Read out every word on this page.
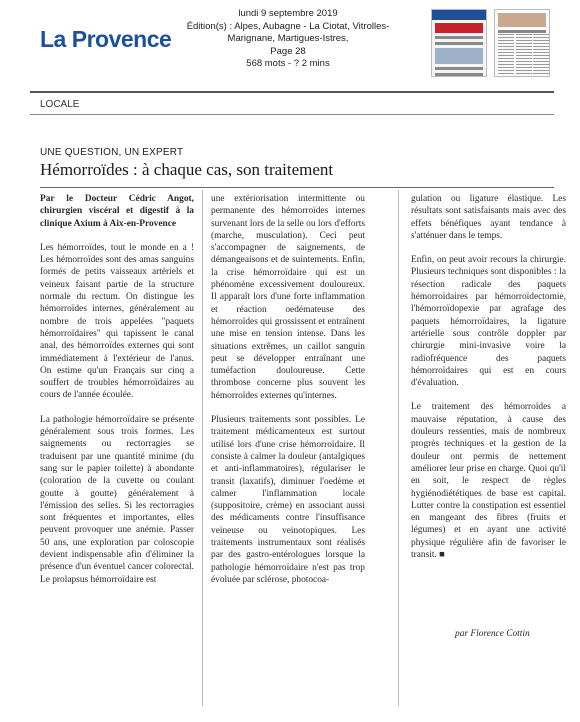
La Provence
lundi 9 septembre 2019
Édition(s) : Alpes, Aubagne - La Ciotat, Vitrolles-Marignane, Martigues-Istres,
Page 28
568 mots - ? 2 mins
LOCALE
UNE QUESTION, UN EXPERT
Hémorroïdes : à chaque cas, son traitement

Par le Docteur Cédric Angot, chirurgien viscéral et digestif à la clinique Axium à Aix-en-Provence

Les hémorroïdes, tout le monde en a ! Les hémorroïdes sont des amas sanguins formés de petits vaisseaux artériels et veineux faisant partie de la structure normale du rectum. On distingue les hémorroïdes internes, généralement au nombre de trois appelées "paquets hémorroïdaires" qui tapissent le canal anal, des hémorroïdes externes qui sont immédiatement à l'extérieur de l'anus. On estime qu'un Français sur cinq a souffert de troubles hémorroïdaires au cours de l'année écoulée.

La pathologie hémorroïdaire se présente généralement sous trois formes. Les saignements ou rectorragies se traduisent par une quantité minime (du sang sur le papier toilette) à abondante (coloration de la cuvette ou coulant goutte à goutte) généralement à l'émission des selles. Si les rectorragies sont fréquentes et importantes, elles peuvent provoquer une anémie. Passer 50 ans, une exploration par coloscopie devient indispensable afin d'éliminer la présence d'un éventuel cancer colorectal. Le prolapsus hémorroïdaire est

une extériorisation intermittente ou permanente des hémorroïdes internes survenant lors de la selle ou lors d'efforts (marche, musculation). Ceci peut s'accompagner de saignements, de démangeaisons et de suintements. Enfin, la crise hémorroïdaire qui est un phénomène excessivement douloureux. Il apparaît lors d'une forte inflammation et réaction oedémateuse des hémorroïdes qui grossissent et entraînent une mise en tension intense. Dans les situations extrêmes, un caillot sanguin peut se développer entraînant une tuméfaction douloureuse. Cette thrombose concerne plus souvent les hémorroïdes externes qu'internes.

Plusieurs traitements sont possibles. Le traitement médicamenteux est surtout utilisé lors d'une crise hémorroïdaire. Il consiste à calmer la douleur (antalgiques et anti-inflammatoires), régulariser le transit (laxatifs), diminuer l'oedème et calmer l'inflammation locale (suppositoire, crème) en associant aussi des médicaments contre l'insuffisance veineuse ou veinotopiques. Les traitements instrumentaux sont réalisés par des gastro-entérologues lorsque la pathologie hémorroïdaire n'est pas trop évoluée par sclérose, photocoa-

gulation ou ligature élastique. Les résultats sont satisfaisants mais avec des effets bénéfiques ayant tendance à s'atténuer dans le temps.

Enfin, on peut avoir recours la chirurgie. Plusieurs techniques sont disponibles : la résection radicale des paquets hémorroïdaires par hémorroïdectomie, l'hémorroïdopexie par agrafage des paquets hémorroïdaires, la ligature artérielle sous contrôle doppler par chirurgie mini-invasive voire la radiofréquence des paquets hémorroïdaires qui est en cours d'évaluation.

Le traitement des hémorroïdes a mauvaise réputation, à cause des douleurs ressenties, mais de nombreux progrès techniques et la gestion de la douleur ont permis de nettement améliorer leur prise en charge. Quoi qu'il en soit, le respect de règles hygiénodiététiques de base est capital. Lutter contre la constipation est essentiel en mangeant des fibres (fruits et légumes) et en ayant une activité physique régulière afin de favoriser le transit. ■

par Florence Cottin
